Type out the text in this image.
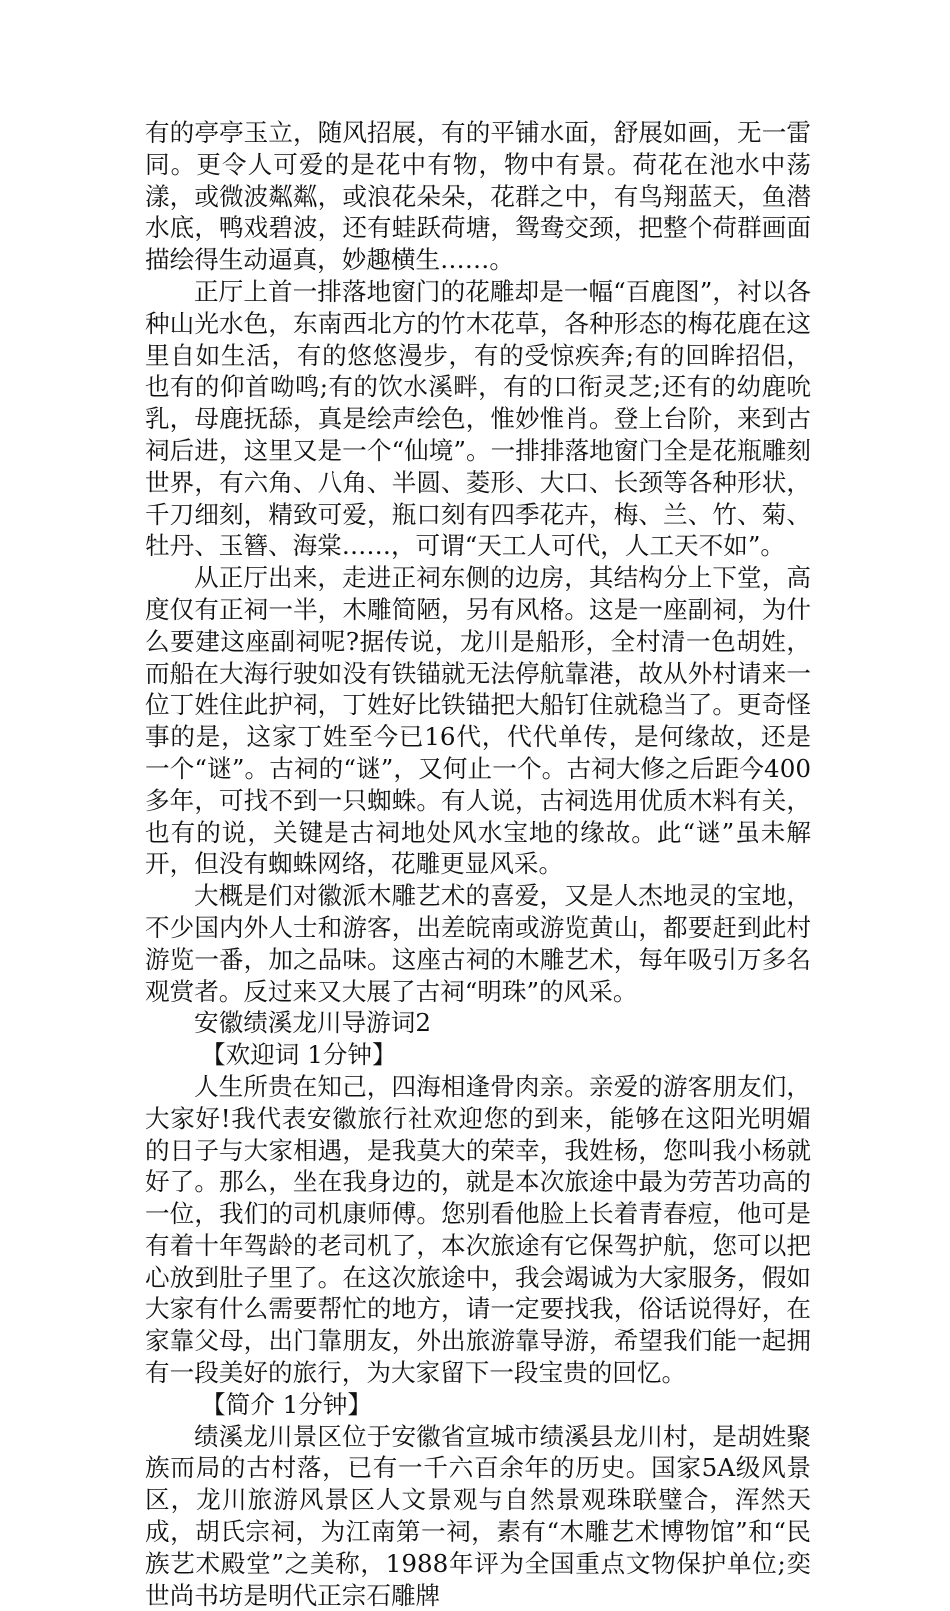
有的亭亭玉立，随风招展，有的平铺水面，舒展如画，无一雷同。更令人可爱的是花中有物，物中有景。荷花在池水中荡漾，或微波粼粼，或浪花朵朵，花群之中，有鸟翔蓝天，鱼潜水底，鸭戏碧波，还有蛙跃荷塘，鸳鸯交颈，把整个荷群画面描绘得生动逼真，妙趣横生……。

正厅上首一排落地窗门的花雕却是一幅“百鹿图”，衬以各种山光水色，东南西北方的竹木花草，各种形态的梅花鹿在这里自如生活，有的悠悠漫步，有的受惊疾奔;有的回眸招侣，也有的仰首呦鸣;有的饮水溪畔，有的口衔灵芝;还有的幼鹿吮乳，母鹿抚舔，真是绘声绘色，惟妙惟肖。登上台阶，来到古祠后进，这里又是一个“仙境”。一排排落地窗门全是花瓶雕刻世界，有六角、八角、半圆、菱形、大口、长颈等各种形状，千刀细刻，精致可爱，瓶口刻有四季花卉，梅、兰、竹、菊、牡丹、玉簪、海棠……，可谓“天工人可代，人工天不如”。

从正厅出来，走进正祠东侧的边房，其结构分上下堂，高度仅有正祠一半，木雕简陋，另有风格。这是一座副祠，为什么要建这座副祠呢?据传说，龙川是船形，全村清一色胡姓，而船在大海行驶如没有铁锚就无法停航靠港，故从外村请来一位丁姓住此护祠，丁姓好比铁锚把大船钉住就稳当了。更奇怪事的是，这家丁姓至今已16代，代代单传，是何缘故，还是一个“谜”。古祠的“谜”，又何止一个。古祠大修之后距今400多年，可找不到一只蜘蛛。有人说，古祠选用优质木料有关，也有的说，关键是古祠地处风水宝地的缘故。此“谜”虽未解开，但没有蜘蛛网络，花雕更显风采。

大概是们对徽派木雕艺术的喜爱，又是人杰地灵的宝地，不少国内外人士和游客，出差皖南或游览黄山，都要赶到此村游览一番，加之品味。这座古祠的木雕艺术，每年吸引万多名观赏者。反过来又大展了古祠“明珠”的风采。

安徽绩溪龙川导游词2

【欢迎词 1分钟】

人生所贵在知己，四海相逢骨肉亲。亲爱的游客朋友们，大家好!我代表安徽旅行社欢迎您的到来，能够在这阳光明媚的日子与大家相遇，是我莫大的荣幸，我姓杨，您叫我小杨就好了。那么，坐在我身边的，就是本次旅途中最为劳苦功高的一位，我们的司机康师傅。您别看他脸上长着青春痘，他可是有着十年驾龄的老司机了，本次旅途有它保驾护航，您可以把心放到肚子里了。在这次旅途中，我会竭诚为大家服务，假如大家有什么需要帮忙的地方，请一定要找我，俗话说得好，在家靠父母，出门靠朋友，外出旅游靠导游，希望我们能一起拥有一段美好的旅行，为大家留下一段宝贵的回忆。

【简介 1分钟】

绩溪龙川景区位于安徽省宣城市绩溪县龙川村，是胡姓聚族而局的古村落，已有一千六百余年的历史。国家5A级风景区，龙川旅游风景区人文景观与自然景观珠联璧合，浑然天成，胡氏宗祠，为江南第一祠，素有“木雕艺术博物馆”和“民族艺术殿堂”之美称，1988年评为全国重点文物保护单位;奕世尚书坊是明代正宗石雕牌
